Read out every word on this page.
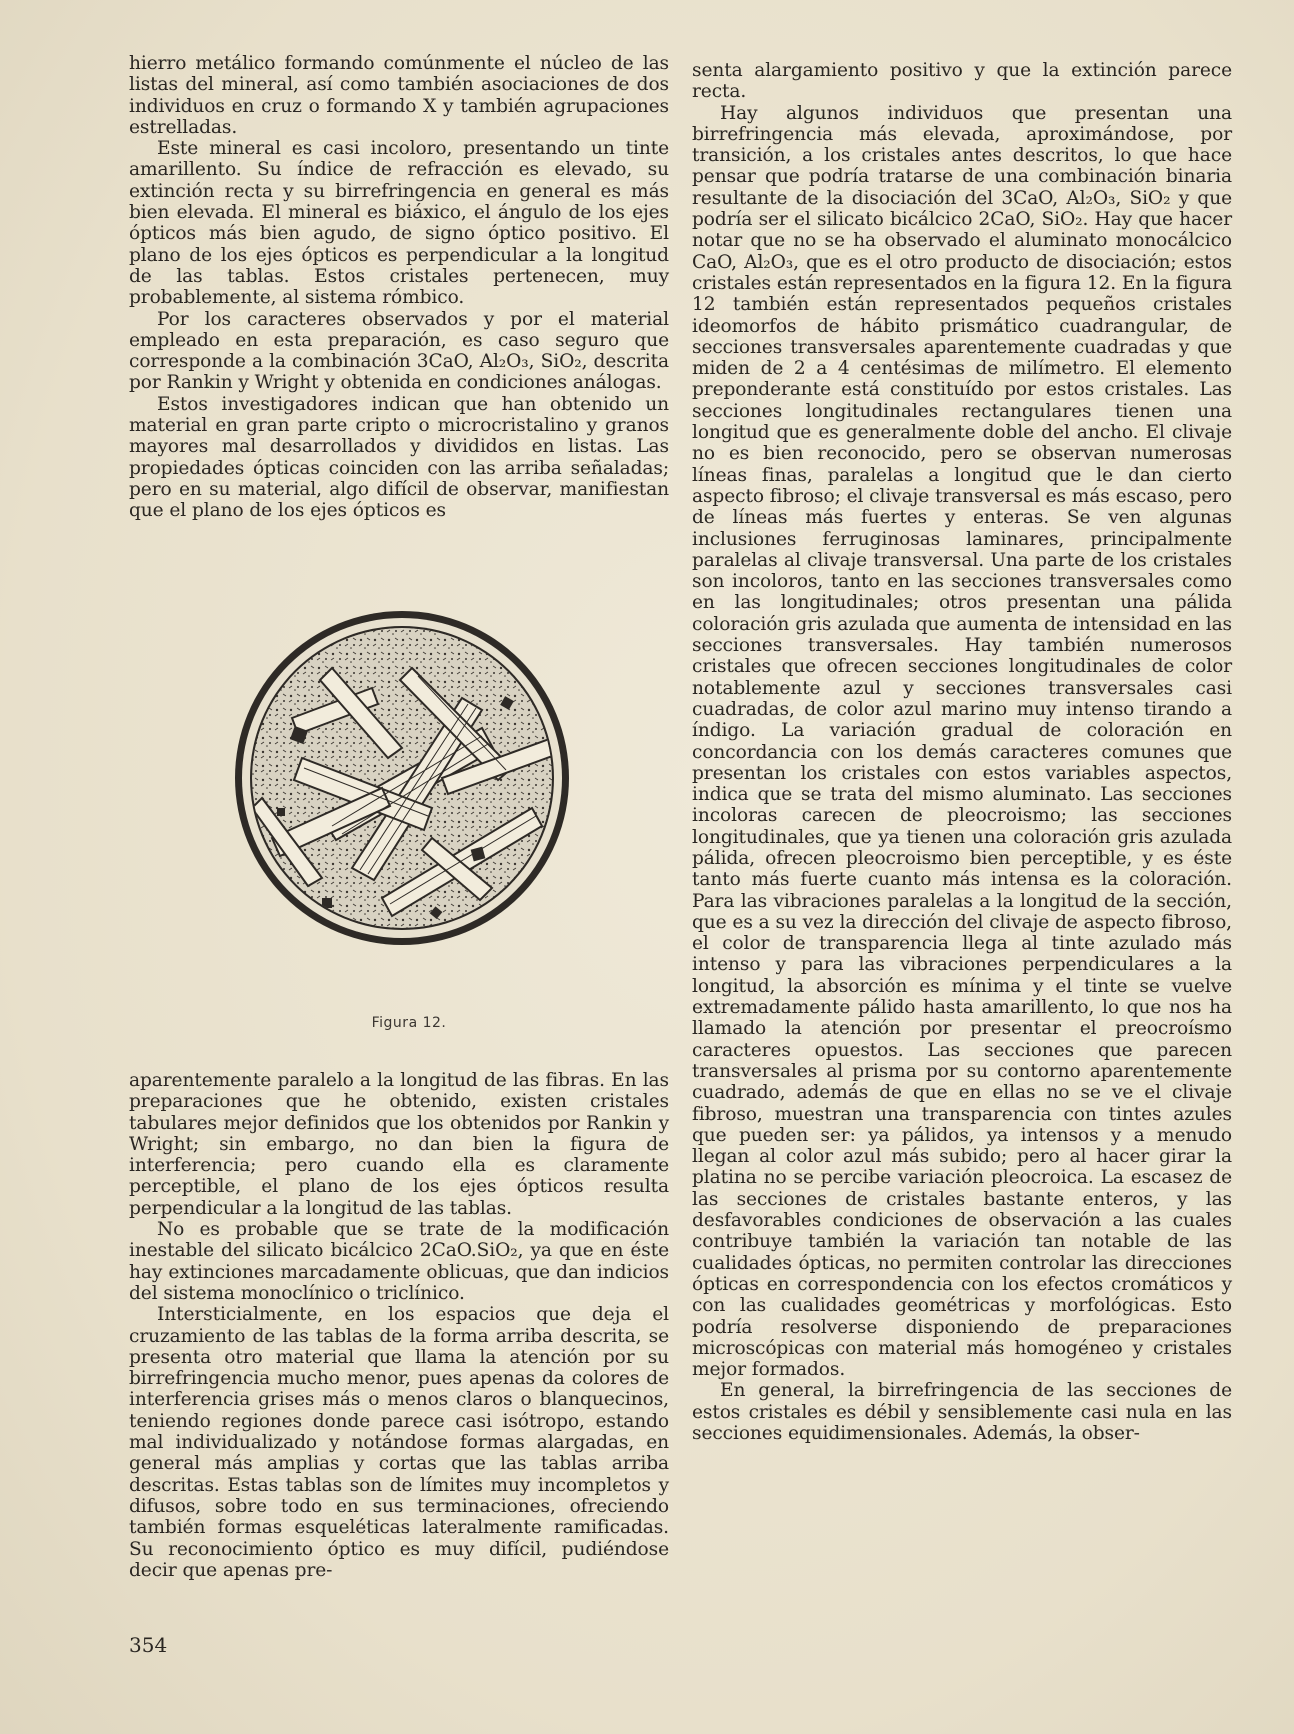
hierro metálico formando comúnmente el núcleo de las listas del mineral, así como también asociaciones de dos individuos en cruz o formando X y también agrupaciones estrelladas.

Este mineral es casi incoloro, presentando un tinte amarillento. Su índice de refracción es elevado, su extinción recta y su birrefringencia en general es más bien elevada. El mineral es biáxico, el ángulo de los ejes ópticos más bien agudo, de signo óptico positivo. El plano de los ejes ópticos es perpendicular a la longitud de las tablas. Estos cristales pertenecen, muy probablemente, al sistema rómbico.

Por los caracteres observados y por el material empleado en esta preparación, es caso seguro que corresponde a la combinación 3CaO, Al₂O₃, SiO₂, descrita por Rankin y Wright y obtenida en condiciones análogas.

Estos investigadores indican que han obtenido un material en gran parte cripto o microcristalino y granos mayores mal desarrollados y divididos en listas. Las propiedades ópticas coinciden con las arriba señaladas; pero en su material, algo difícil de observar, manifiestan que el plano de los ejes ópticos es

Figura 12.

aparentemente paralelo a la longitud de las fibras. En las preparaciones que he obtenido, existen cristales tabulares mejor definidos que los obtenidos por Rankin y Wright; sin embargo, no dan bien la figura de interferencia; pero cuando ella es claramente perceptible, el plano de los ejes ópticos resulta perpendicular a la longitud de las tablas.

No es probable que se trate de la modificación inestable del silicato bicálcico 2CaO.SiO₂, ya que en éste hay extinciones marcadamente oblicuas, que dan indicios del sistema monoclínico o triclínico.

Intersticialmente, en los espacios que deja el cruzamiento de las tablas de la forma arriba descrita, se presenta otro material que llama la atención por su birrefringencia mucho menor, pues apenas da colores de interferencia grises más o menos claros o blanquecinos, teniendo regiones donde parece casi isótropo, estando mal individualizado y notándose formas alargadas, en general más amplias y cortas que las tablas arriba descritas. Estas tablas son de límites muy incompletos y difusos, sobre todo en sus terminaciones, ofreciendo también formas esqueléticas lateralmente ramificadas. Su reconocimiento óptico es muy difícil, pudiéndose decir que apenas pre-

senta alargamiento positivo y que la extinción parece recta.

Hay algunos individuos que presentan una birrefringencia más elevada, aproximándose, por transición, a los cristales antes descritos, lo que hace pensar que podría tratarse de una combinación binaria resultante de la disociación del 3CaO, Al₂O₃, SiO₂ y que podría ser el silicato bicálcico 2CaO, SiO₂. Hay que hacer notar que no se ha observado el aluminato monocálcico CaO, Al₂O₃, que es el otro producto de disociación; estos cristales están representados en la figura 12. En la figura 12 también están representados pequeños cristales ideomorfos de hábito prismático cuadrangular, de secciones transversales aparentemente cuadradas y que miden de 2 a 4 centésimas de milímetro. El elemento preponderante está constituído por estos cristales. Las secciones longitudinales rectangulares tienen una longitud que es generalmente doble del ancho. El clivaje no es bien reconocido, pero se observan numerosas líneas finas, paralelas a longitud que le dan cierto aspecto fibroso; el clivaje transversal es más escaso, pero de líneas más fuertes y enteras. Se ven algunas inclusiones ferruginosas laminares, principalmente paralelas al clivaje transversal. Una parte de los cristales son incoloros, tanto en las secciones transversales como en las longitudinales; otros presentan una pálida coloración gris azulada que aumenta de intensidad en las secciones transversales. Hay también numerosos cristales que ofrecen secciones longitudinales de color notablemente azul y secciones transversales casi cuadradas, de color azul marino muy intenso tirando a índigo. La variación gradual de coloración en concordancia con los demás caracteres comunes que presentan los cristales con estos variables aspectos, indica que se trata del mismo aluminato. Las secciones incoloras carecen de pleocroismo; las secciones longitudinales, que ya tienen una coloración gris azulada pálida, ofrecen pleocroismo bien perceptible, y es éste tanto más fuerte cuanto más intensa es la coloración. Para las vibraciones paralelas a la longitud de la sección, que es a su vez la dirección del clivaje de aspecto fibroso, el color de transparencia llega al tinte azulado más intenso y para las vibraciones perpendiculares a la longitud, la absorción es mínima y el tinte se vuelve extremadamente pálido hasta amarillento, lo que nos ha llamado la atención por presentar el preocroísmo caracteres opuestos. Las secciones que parecen transversales al prisma por su contorno aparentemente cuadrado, además de que en ellas no se ve el clivaje fibroso, muestran una transparencia con tintes azules que pueden ser: ya pálidos, ya intensos y a menudo llegan al color azul más subido; pero al hacer girar la platina no se percibe variación pleocroica. La escasez de las secciones de cristales bastante enteros, y las desfavorables condiciones de observación a las cuales contribuye también la variación tan notable de las cualidades ópticas, no permiten controlar las direcciones ópticas en correspondencia con los efectos cromáticos y con las cualidades geométricas y morfológicas. Esto podría resolverse disponiendo de preparaciones microscópicas con material más homogéneo y cristales mejor formados.

En general, la birrefringencia de las secciones de estos cristales es débil y sensiblemente casi nula en las secciones equidimensionales. Además, la obser-

354
